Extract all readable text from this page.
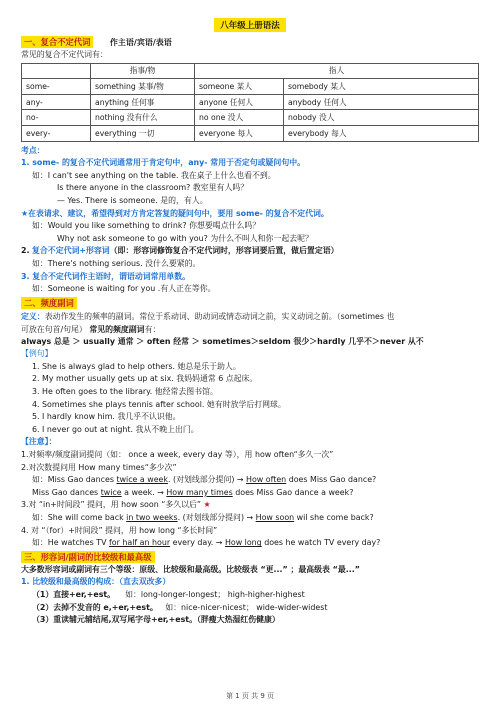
八年级上册语法
一、复合不定代词 作主语/宾语/表语
常见的复合不定代词有：
	指事/物	指人	
some-	something 某事/物	someone 某人	somebody 某人
any-	anything 任何事	anyone 任何人	anybody 任何人
no-	nothing 没有什么	no one 没人	nobody 没人
every-	everything 一切	everyone 每人	everybody 每人
考点：
1. some- 的复合不定代词通常用于肯定句中，any- 常用于否定句或疑问句中。
如：I can't see anything on the table. 我在桌子上什么也看不到。
Is there anyone in the classroom? 教室里有人吗？
— Yes. There is someone. 是的，有人。
★在表请求、建议，希望得到对方肯定答复的疑问句中，要用 some- 的复合不定代词。
如：Would you like something to drink? 你想要喝点什么吗？
Why not ask someone to go with you? 为什么不叫人和你一起去呢？
2. 复合不定代词+形容词（即：形容词修饰复合不定代词时，形容词要后置，做后置定语）
如：There's nothing serious. 没什么要紧的。
3. 复合不定代词作主语时，谓语动词常用单数。
如：Someone is waiting for you .有人正在等你。
二、频度副词
定义：表动作发生的频率的副词。常位于系动词、助动词或情态动词之前，实义动词之前。（sometimes 也
可放在句首/句尾） 常见的频度副词有：
always 总是 ＞ usually 通常 ＞ often 经常 ＞ sometimes＞seldom 很少＞hardly 几乎不＞never 从不
【例句】
1. She is always glad to help others. 她总是乐于助人。
2. My mother usually gets up at six. 我妈妈通常 6 点起床。
3. He often goes to the library. 他经常去图书馆。
4. Sometimes she plays tennis after school. 她有时放学后打网球。
5. I hardly know him. 我几乎不认识他。
6. I never go out at night. 我从不晚上出门。
【注意】：
1.对频率/频度副词提问（如： once a week, every day 等），用 how often“多久一次”
2.对次数提问用 How many times“多少次”
如：Miss Gao dances twice a week. (对划线部分提问) → How often does Miss Gao dance?
Miss Gao dances twice a week. → How many times does Miss Gao dance a week?
3.对 “in+时间段” 提问，用 how soon “多久以后” ★
如：She will come back in two weeks. (对划线部分提问) → How soon wil she come back?
4. 对 “（for）+时间段” 提问，用 how long “多长时间”
如：He watches TV for half an hour every day. → How long does he watch TV every day?
三、形容词/副词的比较级和最高级
大多数形容词或副词有三个等级：原级、比较级和最高级。比较级表 “更...” ；最高级表 “最...”
1. 比较级和最高级的构成：（直去双改多）
（1）直接+er,+est。 如：long-longer-longest； high-higher-highest
（2）去掉不发音的 e,+er,+est。 如：nice-nicer-nicest； wide-wider-widest
（3）重读辅元辅结尾,双写尾字母+er,+est。（胖瘦大热湿红伤健康）
第 1 页 共 9 页
